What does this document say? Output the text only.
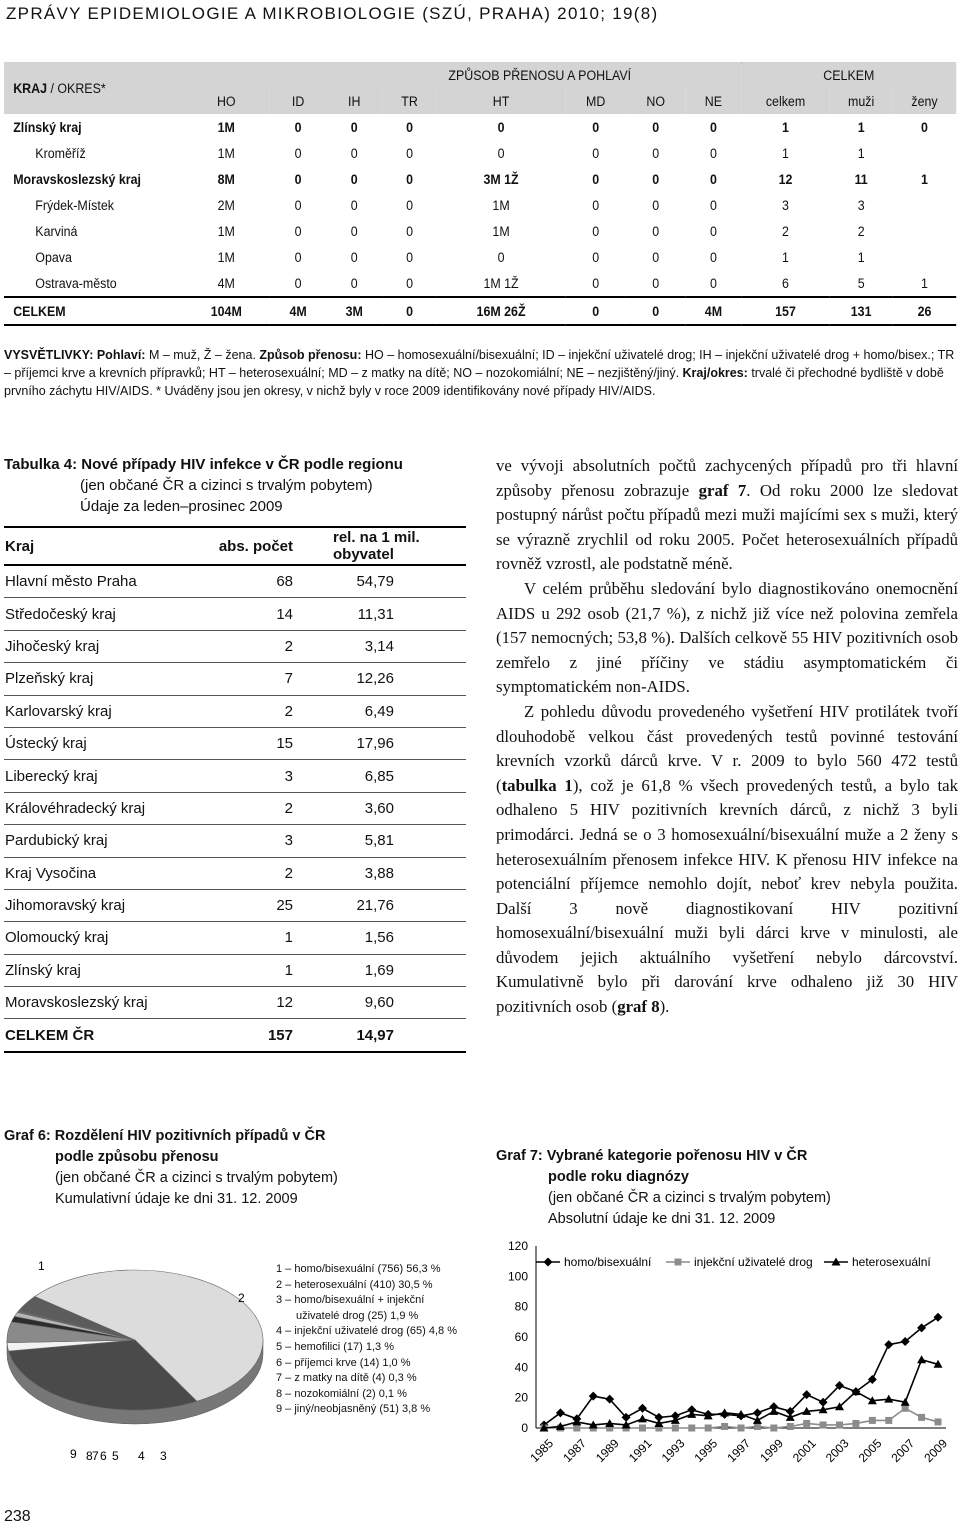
ZPRÁVY EPIDEMIOLOGIE A MIKROBIOLOGIE (SZÚ, PRAHA) 2010; 19(8)
KRAJ / OKRES*	ZPŮSOB PŘENOSU A POHLAVÍ								CELKEM		
	HO	ID	IH	TR	HT	MD	NO	NE	celkem	muži	ženy
Zlínský kraj	1M	0	0	0	0	0	0	0	1	1	0
Kroměříž	1M	0	0	0	0	0	0	0	1	1	
Moravskoslezský kraj	8M	0	0	0	3M 1Ž	0	0	0	12	11	1
Frýdek-Místek	2M	0	0	0	1M	0	0	0	3	3	
Karviná	1M	0	0	0	1M	0	0	0	2	2	
Opava	1M	0	0	0	0	0	0	0	1	1	
Ostrava-město	4M	0	0	0	1M 1Ž	0	0	0	6	5	1
CELKEM	104M	4M	3M	0	16M 26Ž	0	0	4M	157	131	26
VYSVĚTLIVKY: Pohlaví: M – muž, Ž – žena. Způsob přenosu: HO – homosexuální/bisexuální; ID – injekční uživatelé drog; IH – injekční uživatelé drog + homo/bisex.; TR – příjemci krve a krevních přípravků; HT – heterosexuální; MD – z matky na dítě; NO – nozokomiální; NE – nezjištěný/jiný. Kraj/okres: trvalé či přechodné bydliště v době prvního záchytu HIV/AIDS. * Uváděny jsou jen okresy, v nichž byly v roce 2009 identifikovány nové případy HIV/AIDS.
Tabulka 4: Nové případy HIV infekce v ČR podle regionu
(jen občané ČR a cizinci s trvalým pobytem)
Údaje za leden–prosinec 2009
Kraj	abs. počet	rel. na 1 mil. obyvatel
Hlavní město Praha	68	54,79
Středočeský kraj	14	11,31
Jihočeský kraj	2	3,14
Plzeňský kraj	7	12,26
Karlovarský kraj	2	6,49
Ústecký kraj	15	17,96
Liberecký kraj	3	6,85
Královéhradecký kraj	2	3,60
Pardubický kraj	3	5,81
Kraj Vysočina	2	3,88
Jihomoravský kraj	25	21,76
Olomoucký kraj	1	1,56
Zlínský kraj	1	1,69
Moravskoslezský kraj	12	9,60
CELKEM ČR	157	14,97

ve vývoji absolutních počtů zachycených případů pro tři hlavní způsoby přenosu zobrazuje graf 7. Od roku 2000 lze sledovat postupný nárůst počtu případů mezi muži majícími sex s muži, který se výrazně zrychlil od roku 2005. Počet heterosexuálních případů rovněž vzrostl, ale podstatně méně.

V celém průběhu sledování bylo diagnostikováno onemocnění AIDS u 292 osob (21,7 %), z nichž již více než polovina zemřela (157 nemocných; 53,8 %). Dalších celkově 55 HIV pozitivních osob zemřelo z jiné příčiny ve stádiu asymptomatickém či symptomatickém non-AIDS.

Z pohledu důvodu provedeného vyšetření HIV protilátek tvoří dlouhodobě velkou část provedených testů povinné testování krevních vzorků dárců krve. V r. 2009 to bylo 560 472 testů (tabulka 1), což je 61,8 % všech provedených testů, a bylo tak odhaleno 5 HIV pozitivních krevních dárců, z nichž 3 byli primodárci. Jedná se o 3 homosexuální/bisexuální muže a 2 ženy s heterosexuálním přenosem infekce HIV. K přenosu HIV infekce na potenciální příjemce nemohlo dojít, neboť krev nebyla použita. Další 3 nově diagnostikovaní HIV pozitivní homosexuální/bisexuální muži byli dárci krve v minulosti, ale důvodem jejich aktuálního vyšetření nebylo dárcovství. Kumulativně bylo při darování krve odhaleno již 30 HIV pozitivních osob (graf 8).

Graf 6: Rozdělení HIV pozitivních případů v ČR
podle způsobu přenosu
(jen občané ČR a cizinci s trvalým pobytem)
Kumulativní údaje ke dni 31. 12. 2009
1
2
3
4
5
6
7
8
9
1 – homo/bisexuální (756) 56,3 %
2 – heterosexuální (410) 30,5 %
3 – homo/bisexuální + injekční
uživatelé drog (25) 1,9 %
4 – injekční uživatelé drog (65) 4,8 %
5 – hemofilici (17) 1,3 %
6 – příjemci krve (14) 1,0 %
7 – z matky na dítě (4) 0,3 %
8 – nozokomiální (2) 0,1 %
9 – jiný/neobjasněný (51) 3,8 %
Graf 7: Vybrané kategorie pořenosu HIV v ČR
podle roku diagnózy
(jen občané ČR a cizinci s trvalým pobytem)
Absolutní údaje ke dni 31. 12. 2009
0
20
40
60
80
100
120
1985 1987 1989 1991 1993 1995 1997 1999 2001 2003 2005 2007 2009
homo/bisexuální	injekční uživatelé drog	heterosexuální
238
